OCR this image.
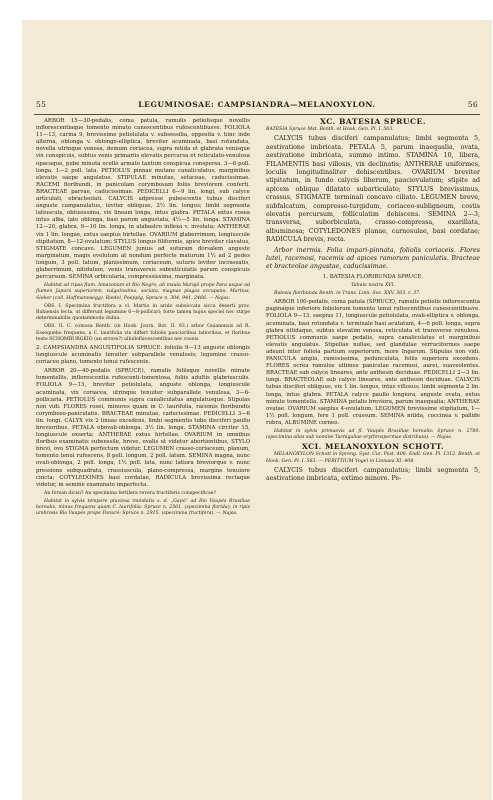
55	LEGUMINOSAE: CAMPSIANDRA—MELANOXYLON.	56

ARBOR 15—30-pedalis, coma patula, ramulis petiolisque novellis inflorescentiaque tomento minuto canescentibus rufescentibusve. FOLIOLA 11—13, carina 9, brevissime petiolulata v. subsessilia, opposita v. hinc inde alterna, oblonga v. oblongo-elliptica, breviter acuminata, basi rotundata, novella utrinque venosa, demum coriacea, supra nitida et glabrata venisque vix conspicuis, subtus venis primariis elevatis percursa et reticulato-venulosa opacaque, pube minuta ocello armato tantum conspicua conspersa, 3—6 poll. longa, 1—2 poll. lata. PETIOLUS pinnae mutans canaliculatus, marginibus elevatis saepe angulatus. STIPULAE minutae, setaceae, caducissimae. RACEMI floribundi, in paniculam corymbosam foliis breviorem conferti. BRACTEAE parvae, caducissimae. PEDICELLI 6—9 lin. longi, sub calyce articulati, ebracteolati. CALYCIS adpresse pubescentis tubus disciferi anguste campanulatus, leviter obliquus, 2½ lin. longus; limbi segmenta latiuscula, obtusissima, vix lineam longa, intus glabra. PETALA extus rosea intus alba, late oblonga, basi parum angustata, 4½—5 lin. longa. STAMINA 12—20, glabra, 9—10 lin. longa, in alabastro inflexa v. involuta; ANTHERAE vix 1 lin. longae, extus saepius hirtellae. OVARIUM glaberrimum, longiuscule stipitatum, 8—12-ovulatum; STYLUS longus filiformis, apice breviter clavatus, STIGMATE concavo. LEGUMEN junius ad suturam dorsalem anguste marginatum, magis evolutum at nondum perfecte maturum 1½ ad 2 pedes longum, 3 poll. latum, planissimum, coriaceum, suturis leviter incrassatis, glaberrimum, nitidulum, venis transversis subreticulatis parum conspicuis percursum. SEMINA orbicularia, compressissima, marginata.

Habitat ad ripas flum. Amazonum et Rio Negro, ab insula Marajó prope Para usque ad flumen Japura superiorem, vulgatissima, sociata, magnas plagas occupans: Martius, Sieber (coll. Hoffmannsegg), Riedel, Poeppig, Spruce n. 304. 941. 2466. — Najas.

OBS. I. Specimina fructifera a cl. Martio in arido subsiccata sicca deserti prov. Bahiensis lecta, ut differunt legumine 6—8-pollicari; forte tamen hujus speciei nec stirpe determinabilia quodammodo dubia.

OBS. II. C. comosa Benth. (in Hook. Journ. Bot. II. 93.) arbor Guianensis ad R. Essequebo frequens, a C. laurifolia vix differt foliolis paucioribus latioribus, et floribus teste SCHOMBURGKIO (an errore?) albidoflavescentibus nec roseis.

2. CAMPSIANDRA ANGUSTIFOLIA SPRUCE: foliolis 9—13 anguste oblongis longiuscule acuminatis tenuiter subparallele venulosis; legumine crasso-coriaceo plano, tomento tenui rufescente.

ARBOR 20—40-pedalis (SPRUCE), ramulis foliisque novellis minute tomentellis, inflorescentia rufescenti-tomentosa, foliis adultis glabriusculis. FOLIOLA 9—13, breviter petiolulata, anguste oblonga, longiuscule acuminata, vix coriacea, utrinque tenuiter subparallele venulosa, 3—6-pollicaria. PETIOLUS communis supra canaliculatus angulatusque. Stipulas non vidi. FLORES rosei, minores quam in C. laurifolia, racemis floribundis corymboso-paniculatis. BRACTEAE minutae, caducissimae. PEDICELLI 3—6 lin. longi. CALYX vix 2 lineas excedens, limbi segmentis tubo disciferi paullo brevioribus. PETALA obovali-oblonga, 3½ lin. longa. STAMINA circiter 15, longiuscule exserta; ANTHERAE extus hirtellae. OVARIUM in omnibus floribus examinatis subsessile, breve, ovalis ut videtur abortientibus, STYLO brevi, ovo STIGMA perfectum videtur. LEGUMEN crasso-coriaceum, planum, tomento tenui rufescens, 8 poll. longum, 2 poll. latum. SEMINA magna, nunc ovali-oblonga, 2 poll. longa, 1½ poll. lata, nunc latiora breviorque v. nunc pressione subquadrata, crassiuscula, plano-compressa, margine tenuiore cincta; COTYLEDONES basi cordatae, RADICULA brevissima rectaque videtur, in semine examinato imperfecta.

An forsan dicisi? An specimina fertilera revera fructiferis conspecificae?

Habitat in sylvis tempore pluviosa inundatis s. d. „Gapó“ ad Rio Vaupés Brasiliae borealis, minus frequens quam C. laurifolia: Spruce n. 2561. (specimina florida); in ripis umbrosis Rio Vaupés prope Panuré: Spruce n. 2915. (specimina fructifera). — Najas.

XC. BATESIA SPRUCE.

BATESIA Spruce Mst. Benth. et Hook. Gen. Pl. I. 563.

CALYCIS tubus disciferi campanulatus; limbi segmenta 5, aestivatione imbricata. PETALA 5, parum inaequalia, ovata, aestivatione imbricata, summo intimo. STAMINA 10, libera, FILAMENTIS basi villosis, vix declinatis; ANTHERAE uniformes, loculis longitudinaliter dehiscentibus. OVARIUM breviter stipitatum, in fundo calycis liberum, pauciovulatum; stipite ad apicem oblique dilatato subarticulato; STYLUS brevissimus, crassus, STIGMATE terminali concavo ciliato. LEGUMEN breve, subfalcatum, compresso-turgidum, coriaceo-subligneum, costis elevatis percursum, folliculatim dehiscens. SEMINA 2—3, transversa, suborbiculata, crasso-compressa, exarillata, albuminosa; COTYLEDONES planae, carnosulae, basi cordatae; RADICULA brevis, recta.

Arbor inermis. Folia impari-pinnata, foliolis coriaceis. Flores lutei, racemosi, racemis ad apices ramorum paniculatis. Bracteae et bracteolae angustae, caducissimae.

1. BATESIA FLORIBUNDA SPRUCE.

Tabula nostra XVI.

Batesia floribunda Benth. in Trans. Linn. Soc. XXV. 303. t. 37.

ARBOR 100-pedalis, coma patula (SPRUCE), ramulis petiolis inflorescentia paginaque inferiore foliolorum tomento tenui rufescentibus canescentibusve. FOLIOLA 9—13, saepius 11, longiuscule petiolulata, ovali-elliptica v. oblonga, acuminata, basi rotundata v. terminale basi acutatum, 4—6 poll. longa, supra glabra nitidaque, subtus elevatim venosa, reticulata et transverse venulosa. PETIOLUS communis saepe pedalis, supra canaliculatus et marginibus elevatis angulatus. Stipellae nullae, sed glandulae verruciformes saepe adsunt inter foliola partium superiorum, more Ingarum. Stipulas non vidi. PANICULA ampla, ramosissima, pedunculata, foliis superiora excedens. FLORES ocrea ramulos ultimos paniculae racemosi, aurei, suaveolentes. BRACTEAE sub calyce lineares, ante anthesin deciduae. PEDICELLI 2—3 lin. longi. BRACTEOLAE sub calyce lineares, ante anthesin deciduae. CALYCIS tubus disciferi obliquus, vix 1 lin. longus, intus villosus; limbi segmenta 2 lin. longa, intus glabra. PETALA calyce paullo longiora, anguste ovata, extus minute tomentella. STAMINA petalis breviora, parum inaequalia; ANTHERAE ovatae. OVARIUM saepius 4-ovulatum. LEGUMEN brevissime stipitatum, 1—1½ poll. longum, fere 1 poll. crassum. SEMINA nitida, coccinea v. pallide rubra, ALBUMINE corneo.

Habitat in sylvis primaevis ad fl. Vaupés Brasiliae borealis: Spruce n. 2780. (specimina alias sub nomine Tachigaliae erythrospermae distributa). — Najas.

XCI. MELANOXYLON SCHOTT.

MELANOXYLON Schott in Spreng. Syst. Cur. Post. 406. Endl. Gen. Pl. 1312. Benth. et Hook. Gen. Pl. I. 563. — PERITTIUM Vogel in Linnaea XI. 408.

CALYCIS tubus disciferi campanulatus; limbi segmenta 5, aestivatione imbricata, extimo minore. Pe-
